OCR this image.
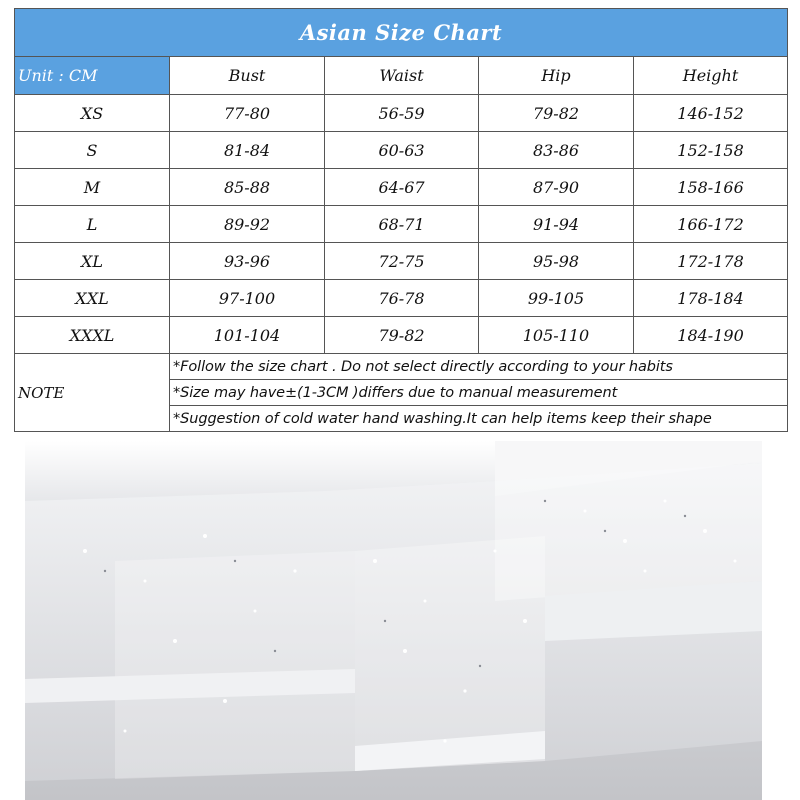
Asian Size Chart				
Unit : CM	Bust	Waist	Hip	Height
XS	77-80	56-59	79-82	146-152
S	81-84	60-63	83-86	152-158
M	85-88	64-67	87-90	158-166
L	89-92	68-71	91-94	166-172
XL	93-96	72-75	95-98	172-178
XXL	97-100	76-78	99-105	178-184
XXXL	101-104	79-82	105-110	184-190
NOTE	*Follow the size chart . Do not select directly according to your habits			
	*Size may have±(1-3CM )differs due to manual measurement			
	*Suggestion of cold water hand washing.It can help items keep their shape			
